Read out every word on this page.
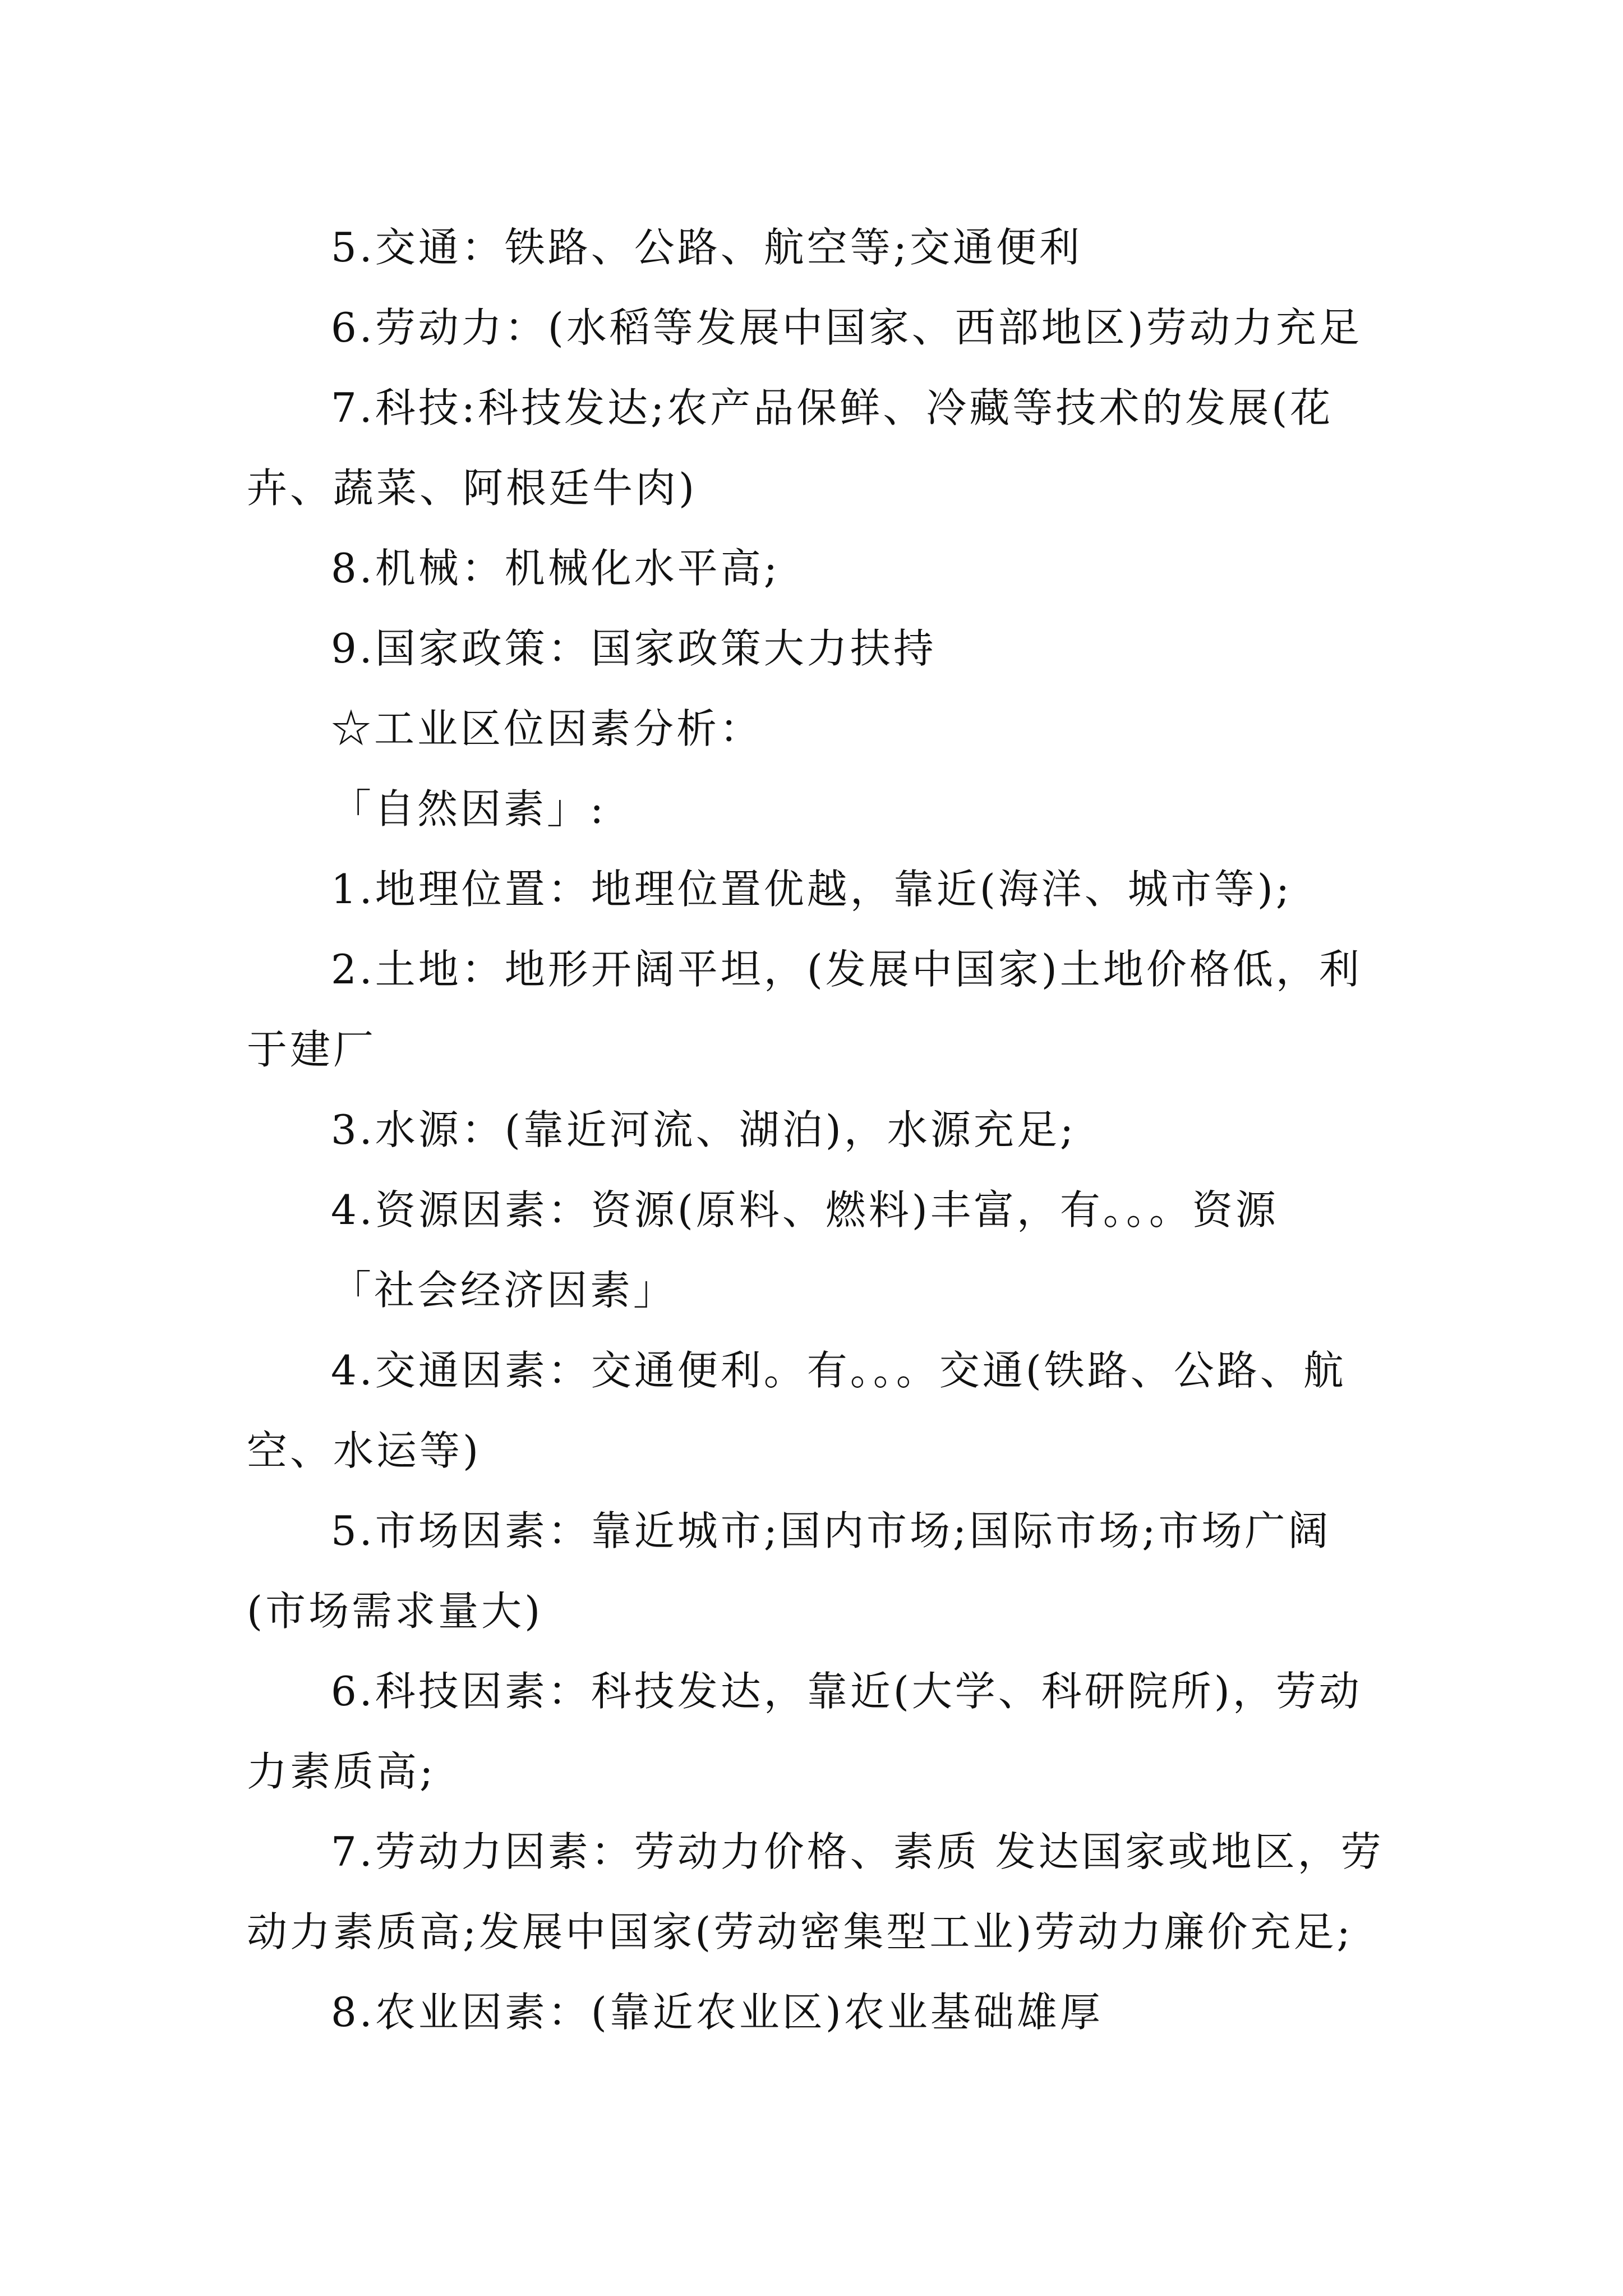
5.交通：铁路、公路、航空等;交通便利

6.劳动力：(水稻等发展中国家、西部地区)劳动力充足

7.科技:科技发达;农产品保鲜、冷藏等技术的发展(花卉、蔬菜、阿根廷牛肉)

8.机械：机械化水平高;

9.国家政策：国家政策大力扶持

☆工业区位因素分析：

「自然因素」:

1.地理位置：地理位置优越，靠近(海洋、城市等);

2.土地：地形开阔平坦，(发展中国家)土地价格低，利于建厂

3.水源：(靠近河流、湖泊)，水源充足;

4.资源因素：资源(原料、燃料)丰富，有。。。资源

「社会经济因素」

4.交通因素：交通便利。有。。。交通(铁路、公路、航空、水运等)

5.市场因素：靠近城市;国内市场;国际市场;市场广阔(市场需求量大)

6.科技因素：科技发达，靠近(大学、科研院所)，劳动力素质高;

7.劳动力因素：劳动力价格、素质 发达国家或地区，劳动力素质高;发展中国家(劳动密集型工业)劳动力廉价充足;

8.农业因素：(靠近农业区)农业基础雄厚
